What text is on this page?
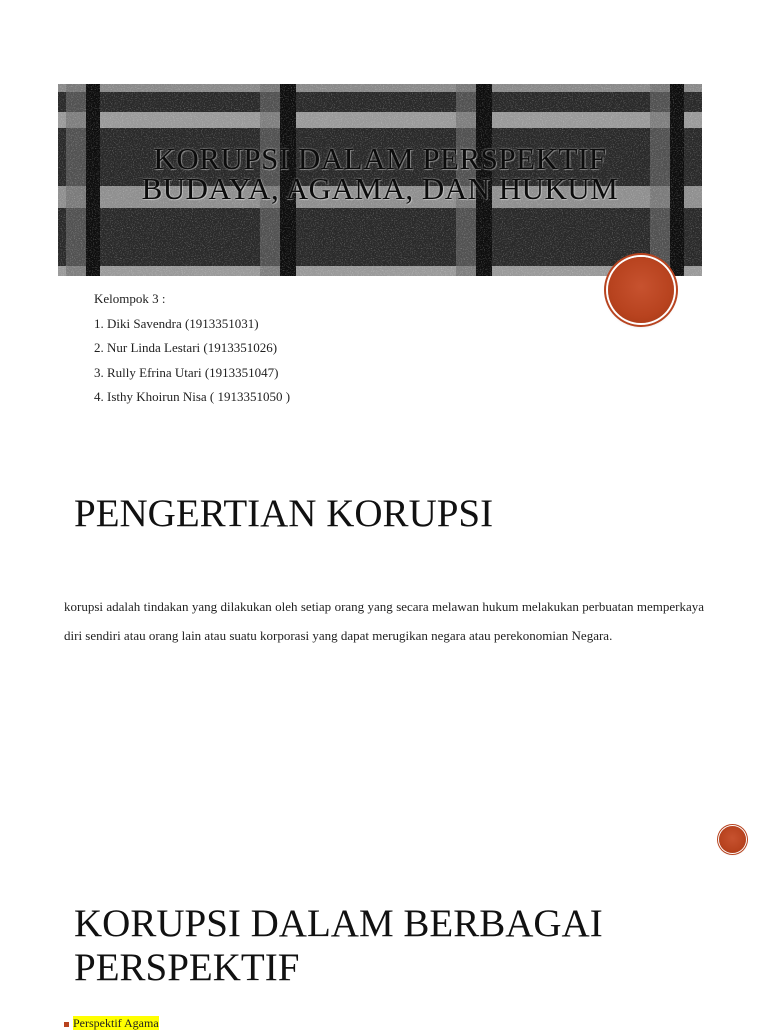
KORUPSI DALAM PERSPEKTIF
BUDAYA, AGAMA, DAN HUKUM
Kelompok 3 :
1. Diki Savendra (1913351031)
2. Nur Linda Lestari (1913351026)
3. Rully Efrina Utari (1913351047)
4. Isthy Khoirun Nisa ( 1913351050 )
PENGERTIAN KORUPSI
korupsi adalah tindakan yang dilakukan oleh setiap orang yang secara melawan hukum melakukan perbuatan memperkaya diri sendiri atau orang lain atau suatu korporasi yang dapat merugikan negara atau perekonomian Negara.
KORUPSI DALAM BERBAGAI PERSPEKTIF
Perspektif Agama
